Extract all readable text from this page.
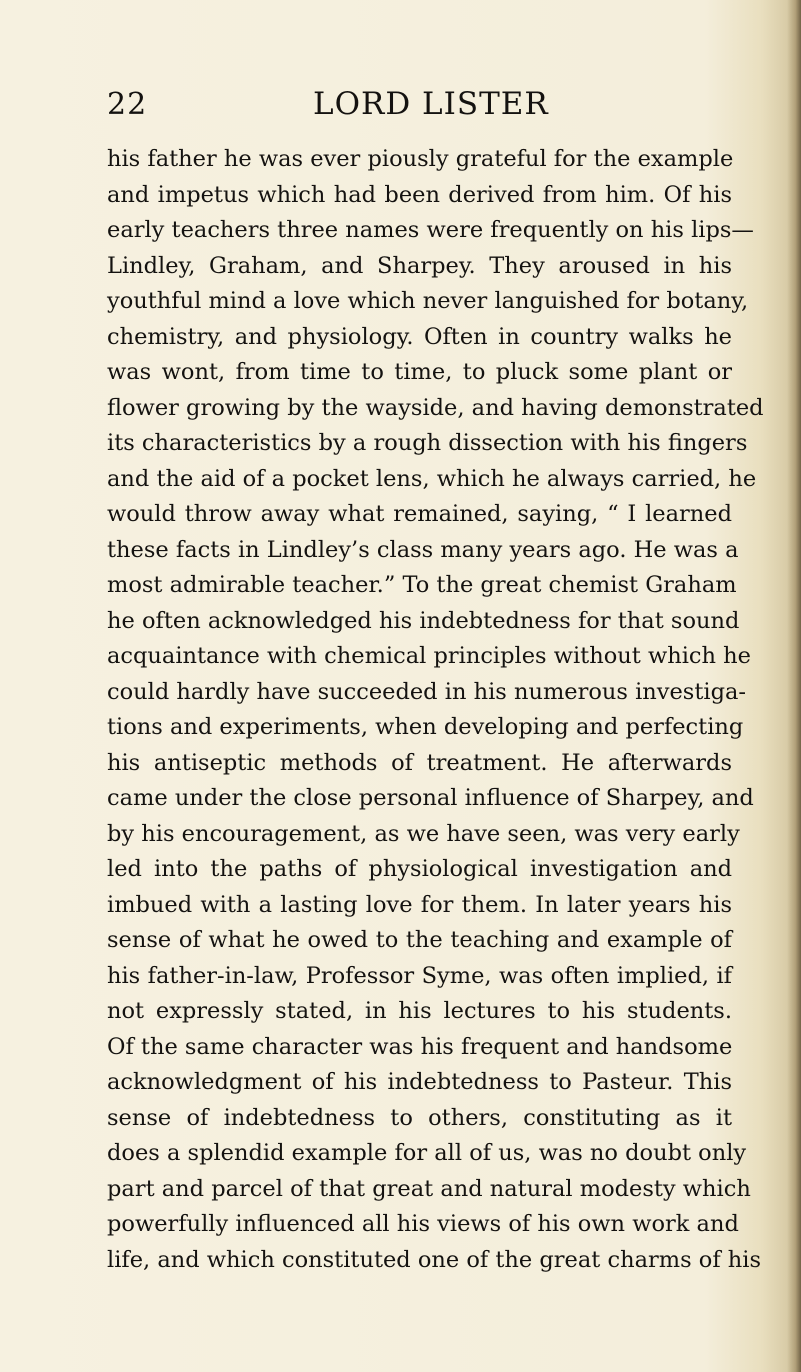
22	LORD LISTER
his father he was ever piously grateful for the example
and impetus which had been derived from him. Of his
early teachers three names were frequently on his lips—
Lindley, Graham, and Sharpey. They aroused in his
youthful mind a love which never languished for botany,
chemistry, and physiology. Often in country walks he
was wont, from time to time, to pluck some plant or
flower growing by the wayside, and having demonstrated
its characteristics by a rough dissection with his fingers
and the aid of a pocket lens, which he always carried, he
would throw away what remained, saying, “ I learned
these facts in Lindley’s class many years ago. He was a
most admirable teacher.” To the great chemist Graham
he often acknowledged his indebtedness for that sound
acquaintance with chemical principles without which he
could hardly have succeeded in his numerous investiga-
tions and experiments, when developing and perfecting
his antiseptic methods of treatment. He afterwards
came under the close personal influence of Sharpey, and
by his encouragement, as we have seen, was very early
led into the paths of physiological investigation and
imbued with a lasting love for them. In later years his
sense of what he owed to the teaching and example of
his father-in-law, Professor Syme, was often implied, if
not expressly stated, in his lectures to his students.
Of the same character was his frequent and handsome
acknowledgment of his indebtedness to Pasteur. This
sense of indebtedness to others, constituting as it
does a splendid example for all of us, was no doubt only
part and parcel of that great and natural modesty which
powerfully influenced all his views of his own work and
life, and which constituted one of the great charms of his
